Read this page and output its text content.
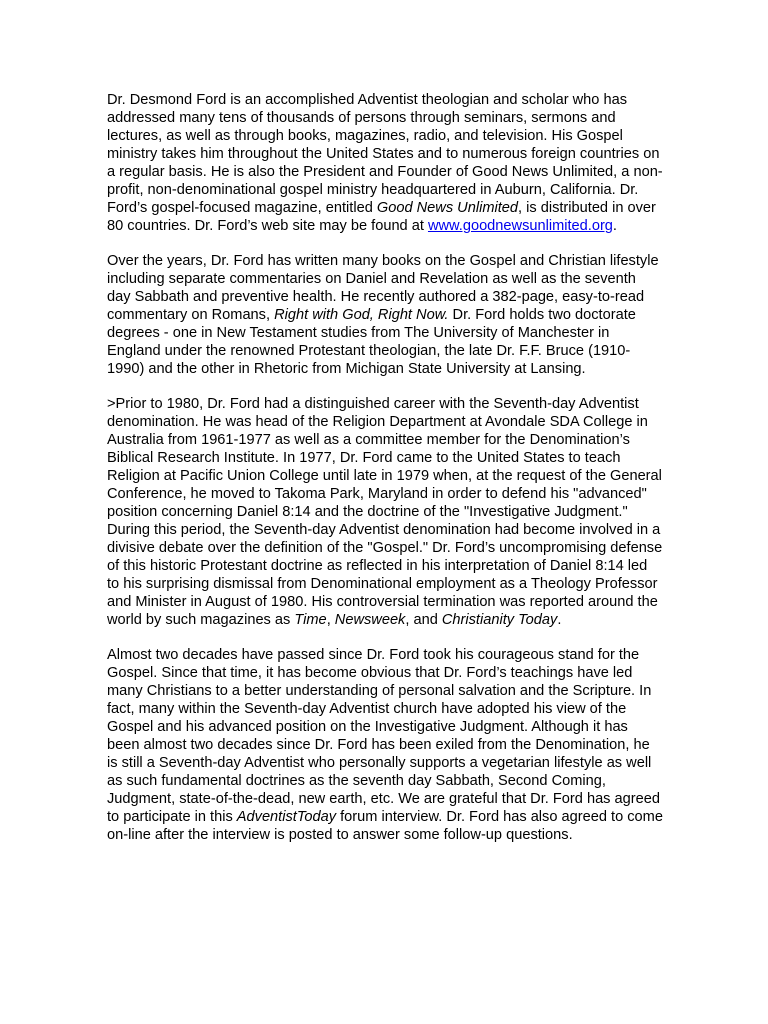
Dr. Desmond Ford is an accomplished Adventist theologian and scholar who has addressed many tens of thousands of persons through seminars, sermons and lectures, as well as through books, magazines, radio, and television. His Gospel ministry takes him throughout the United States and to numerous foreign countries on a regular basis. He is also the President and Founder of Good News Unlimited, a non-profit, non-denominational gospel ministry headquartered in Auburn, California. Dr. Ford’s gospel-focused magazine, entitled Good News Unlimited, is distributed in over 80 countries. Dr. Ford’s web site may be found at www.goodnewsunlimited.org.

Over the years, Dr. Ford has written many books on the Gospel and Christian lifestyle including separate commentaries on Daniel and Revelation as well as the seventh day Sabbath and preventive health. He recently authored a 382-page, easy-to-read commentary on Romans, Right with God, Right Now. Dr. Ford holds two doctorate degrees - one in New Testament studies from The University of Manchester in England under the renowned Protestant theologian, the late Dr. F.F. Bruce (1910-1990) and the other in Rhetoric from Michigan State University at Lansing.

>Prior to 1980, Dr. Ford had a distinguished career with the Seventh-day Adventist denomination. He was head of the Religion Department at Avondale SDA College in Australia from 1961-1977 as well as a committee member for the Denomination’s Biblical Research Institute. In 1977, Dr. Ford came to the United States to teach Religion at Pacific Union College until late in 1979 when, at the request of the General Conference, he moved to Takoma Park, Maryland in order to defend his "advanced" position concerning Daniel 8:14 and the doctrine of the "Investigative Judgment." During this period, the Seventh-day Adventist denomination had become involved in a divisive debate over the definition of the "Gospel." Dr. Ford’s uncompromising defense of this historic Protestant doctrine as reflected in his interpretation of Daniel 8:14 led to his surprising dismissal from Denominational employment as a Theology Professor and Minister in August of 1980. His controversial termination was reported around the world by such magazines as Time, Newsweek, and Christianity Today.

Almost two decades have passed since Dr. Ford took his courageous stand for the Gospel. Since that time, it has become obvious that Dr. Ford’s teachings have led many Christians to a better understanding of personal salvation and the Scripture. In fact, many within the Seventh-day Adventist church have adopted his view of the Gospel and his advanced position on the Investigative Judgment. Although it has been almost two decades since Dr. Ford has been exiled from the Denomination, he is still a Seventh-day Adventist who personally supports a vegetarian lifestyle as well as such fundamental doctrines as the seventh day Sabbath, Second Coming, Judgment, state-of-the-dead, new earth, etc. We are grateful that Dr. Ford has agreed to participate in this AdventistToday forum interview. Dr. Ford has also agreed to come on-line after the interview is posted to answer some follow-up questions.
